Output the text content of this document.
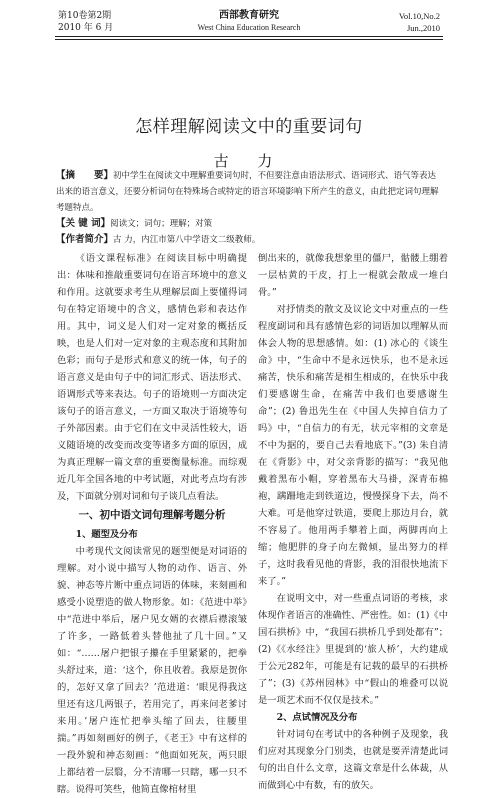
第10卷第2期
2010 年 6 月
西部教育研究
West China Education Research
Vol.10,No.2
Jun.,2010
怎样理解阅读文中的重要词句
古 力

【摘　　要】初中学生在阅读文中理解重要词句时，不但要注意由语法形式、语词形式、语气等表达出来的语言意义，还要分析词句在特殊场合或特定的语言环境影响下所产生的意义，由此把定词句理解考题特点。

【关 键 词】阅读文；词句；理解；对策

【作者简介】古 力，内江市第八中学语文二级教师。

《语文课程标准》在阅读目标中明确提出：体味和推敲重要词句在语言环境中的意义和作用。这就要求考生从理解层面上要懂得词句在特定语境中的含义，感情色彩和表达作用。其中，词义是人们对一定对象的概括反映，也是人们对一定对象的主观态度和其附加色彩；而句子是形式和意义的统一体，句子的语言意义是由句子中的词汇形式、语法形式、语调形式等来表达。句子的语境则一方面决定该句子的语言意义，一方面又取决于语境等句子外部因素。由于它们在文中灵活性较大，语义随语境的改变而改变等诸多方面的原因，成为真正理解一篇文章的重要衡量标准。而综观近几年全国各地的中考试题，对此考点均有涉及，下面就分别对词和句子谈几点看法。

一、初中语文词句理解考题分析

1、题型及分布

中考现代文阅读常见的题型便是对词语的理解。对小说中描写人物的动作、语言、外貌、神态等片断中重点词语的体味，来刻画和感受小说塑造的做人物形象。如：《范进中举》中“范进中举后，屠户见女婿的衣襟后襟滚皱了许多，一路低着头替他扯了几十回。”又如：“……屠户把银子攥在手里紧紧的，把拳头舒过来，道：‘这个，你且收着。我原是贺你的，怎好又拿了回去？’范进道：‘眼见得我这里还有这几两银子，若用完了，再来问老爹讨来用。’屠户连忙把拳头缩了回去，往腰里揣。”再如刻画好的例子，《老王》中有这样的一段外貌和神态刻画：“他面如死灰，两只眼上都结着一层翳，分不清哪一只瞎，哪一只不瞎。说得可笑些，他简直像棺材里

倒出来的，就像我想象里的僵尸，骷髅上绷着一层枯黄的干皮，打上一棍就会散成一堆白骨。”

对抒情类的散文及议论文中对重点的一些程度副词和具有感情色彩的词语加以理解从而体会人物的思想感情。如：(1) 冰心的《谈生命》中，“生命中不是永远快乐，也不是永远痛苦，快乐和痛苦是相生相成的，在快乐中我们要感谢生命，在痛苦中我们也要感谢生命”；(2) 鲁迅先生在《中国人失掉自信力了吗》中，“自信力的有无，状元宰相的文章是不中为据的，要自己去看地底下。”(3) 朱自清在《背影》中，对父亲背影的描写：“我见他戴着黑布小帽，穿着黑布大马褂，深青布棉袍，蹒跚地走到铁道边，慢慢探身下去，尚不大难。可是他穿过铁道，要爬上那边月台，就不容易了。他用两手攀着上面，两脚再向上缩；他肥胖的身子向左微倾，显出努力的样子，这时我看见他的背影，我的泪很快地流下来了。”

在说明文中，对一些重点词语的考核，求体现作者语言的准确性、严密性。如：(1)《中国石拱桥》中，“我国石拱桥几乎到处都有”；(2)《《水经注》里提到的‘旅人桥’，大约建成于公元282年，可能是有记载的最早的石拱桥了”；(3)《苏州园林》中“假山的堆叠可以说是一项艺术而不仅仅是技术。”

2、点试情况及分布

针对词句在考试中的各种例子及现象，我们应对其现象分门别类，也就是要弄清楚此词句的出自什么文章，这篇文章是什么体裁，从而做到心中有数，有的放矢。
